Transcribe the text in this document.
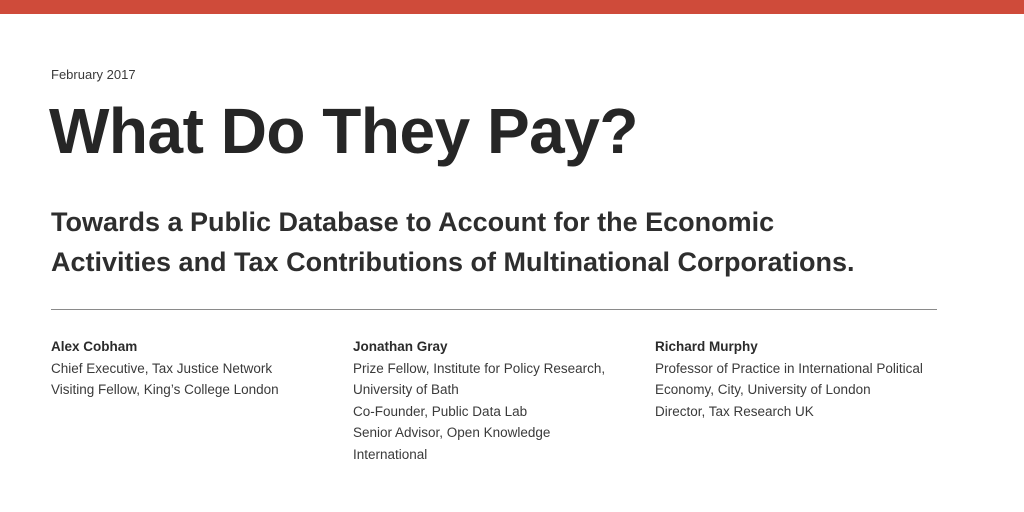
February 2017
What Do They Pay?
Towards a Public Database to Account for the Economic
Activities and Tax Contributions of Multinational Corporations.
Alex Cobham
Chief Executive, Tax Justice Network
Visiting Fellow, King’s College London
Jonathan Gray
Prize Fellow, Institute for Policy Research,
University of Bath
Co-Founder, Public Data Lab
Senior Advisor, Open Knowledge
International
Richard Murphy
Professor of Practice in International Political
Economy, City, University of London
Director, Tax Research UK
